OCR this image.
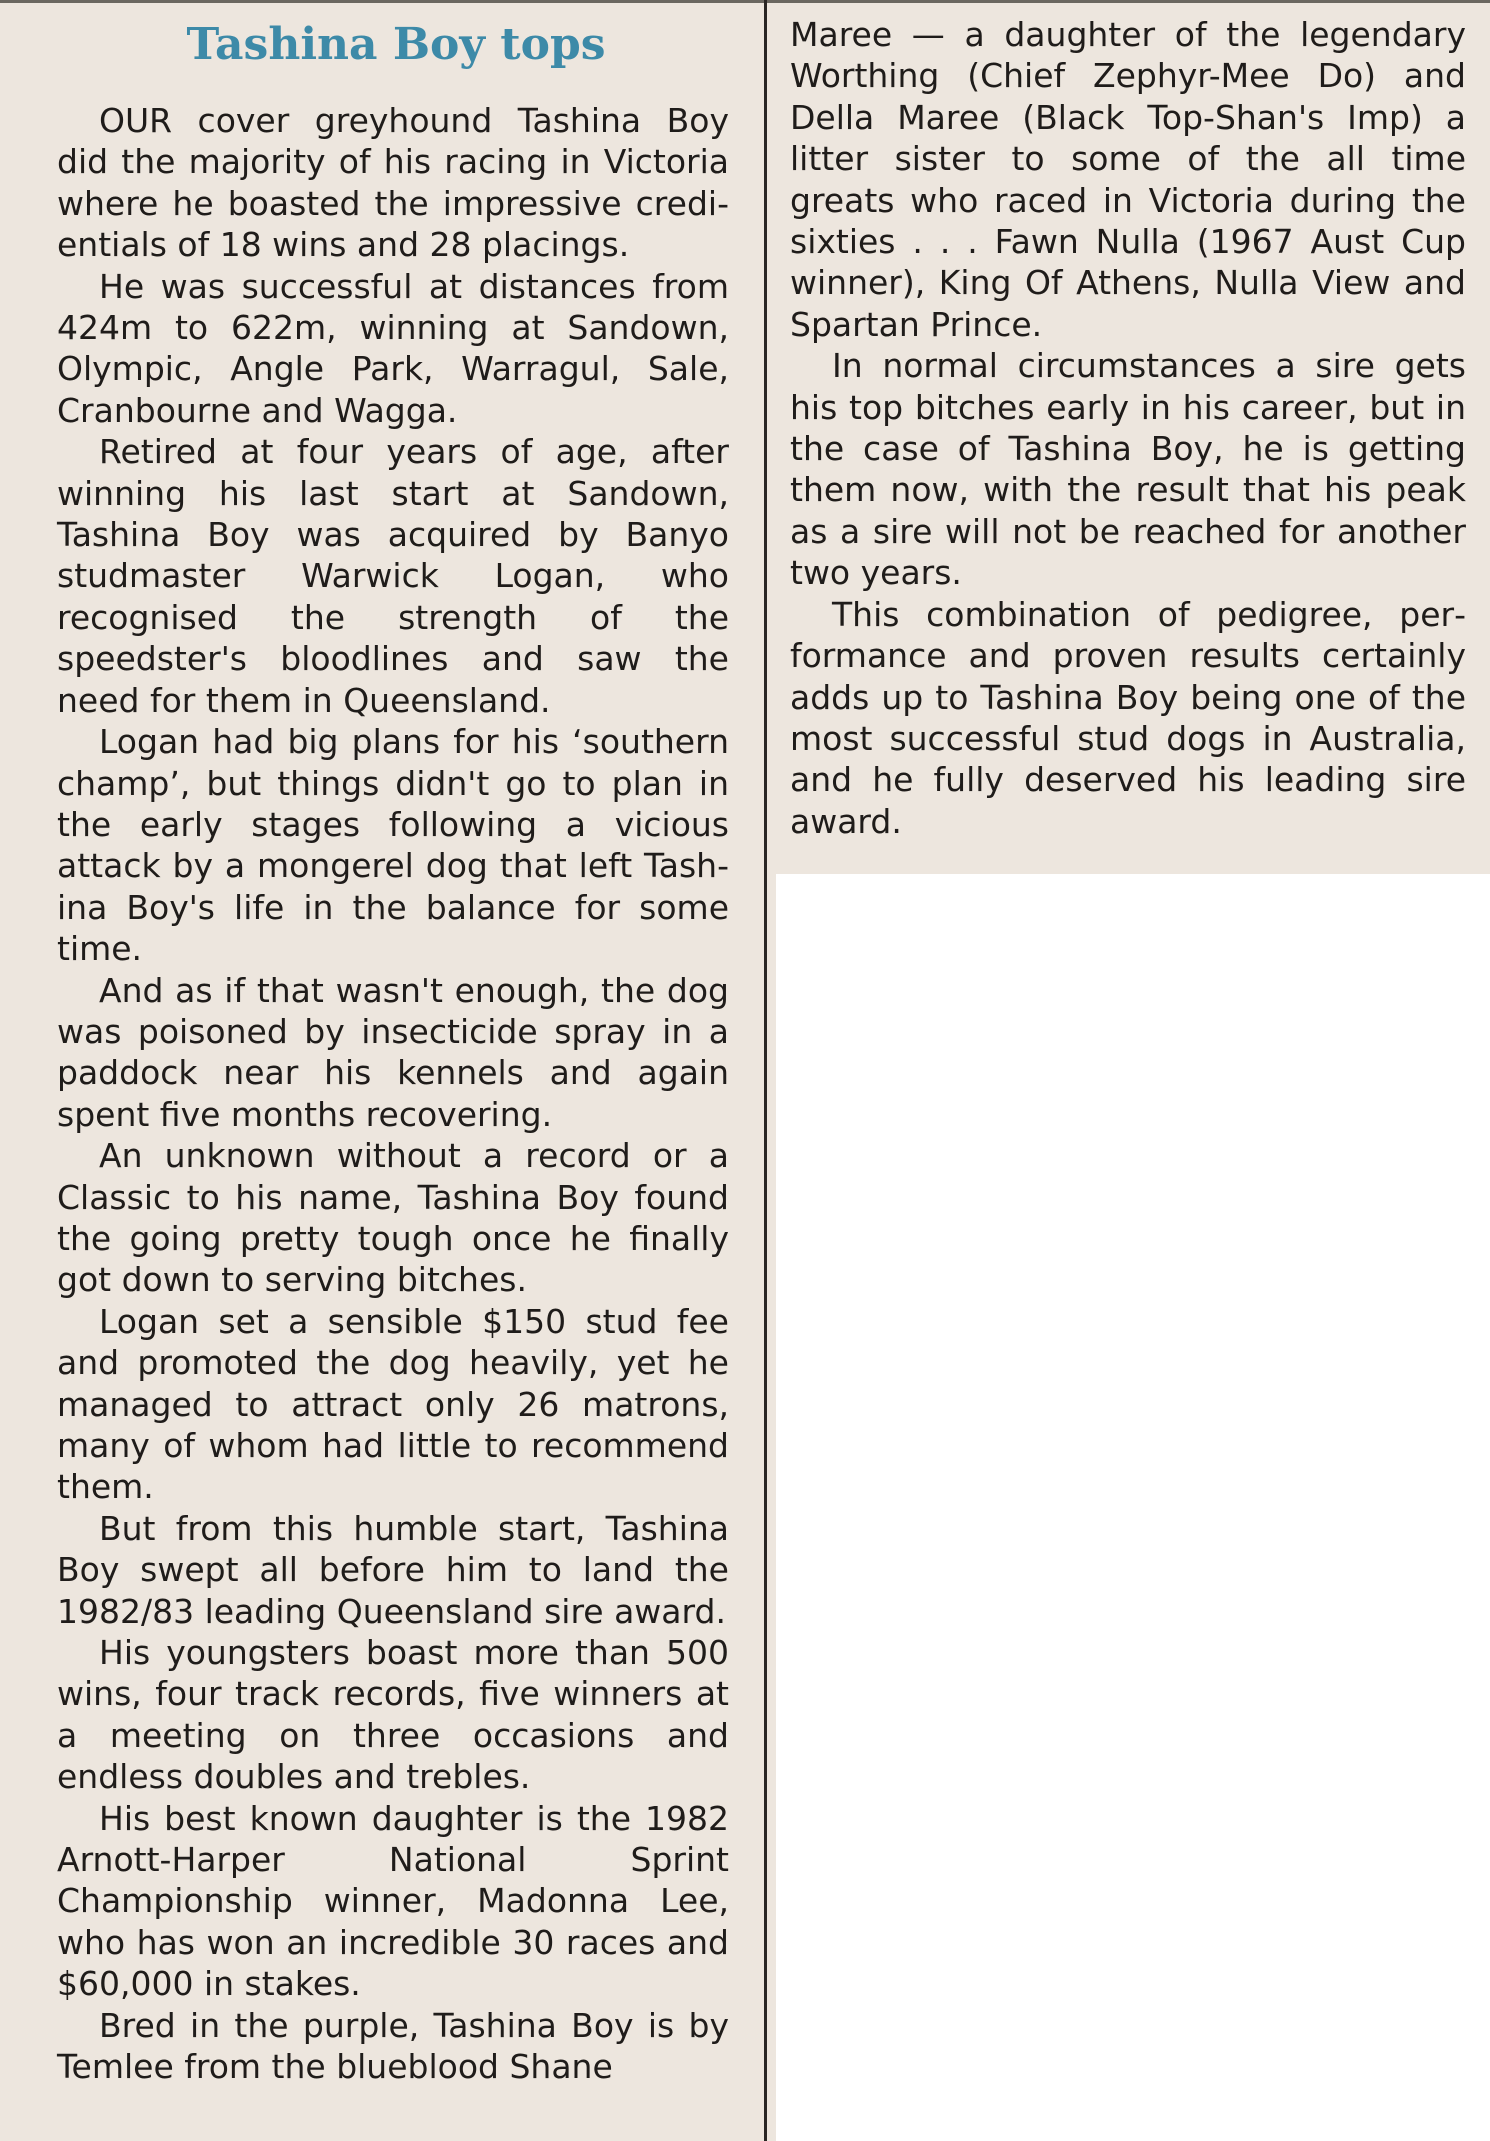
Tashina Boy tops

OUR cover greyhound Tashina Boy did the majority of his racing in Victoria where he boasted the impressive credientials of 18 wins and 28 placings.

He was successful at distances from 424m to 622m, winning at Sandown, Olympic, Angle Park, Warragul, Sale, Cranbourne and Wagga.

Retired at four years of age, after winning his last start at Sandown, Tashina Boy was acquired by Banyo studmaster Warwick Logan, who recognised the strength of the speedster's bloodlines and saw the need for them in Queensland.

Logan had big plans for his ‘southern champ’, but things didn't go to plan in the early stages following a vicious attack by a mongerel dog that left Tashina Boy's life in the balance for some time.

And as if that wasn't enough, the dog was poisoned by insecticide spray in a paddock near his kennels and again spent five months recovering.

An unknown without a record or a Classic to his name, Tashina Boy found the going pretty tough once he finally got down to serving bitches.

Logan set a sensible $150 stud fee and promoted the dog heavily, yet he managed to attract only 26 matrons, many of whom had little to recommend them.

But from this humble start, Tashina Boy swept all before him to land the 1982/83 leading Queensland sire award.

His youngsters boast more than 500 wins, four track records, five winners at a meeting on three occasions and endless doubles and trebles.

His best known daughter is the 1982 Arnott-Harper National Sprint Championship winner, Madonna Lee, who has won an incredible 30 races and $60,000 in stakes.

Bred in the purple, Tashina Boy is by Temlee from the blueblood Shane

Maree — a daughter of the legendary Worthing (Chief Zephyr-Mee Do) and Della Maree (Black Top-Shan's Imp) a litter sister to some of the all time greats who raced in Victoria during the sixties . . . Fawn Nulla (1967 Aust Cup winner), King Of Athens, Nulla View and Spartan Prince.

In normal circumstances a sire gets his top bitches early in his career, but in the case of Tashina Boy, he is getting them now, with the result that his peak as a sire will not be reached for another two years.

This combination of pedigree, performance and proven results certainly adds up to Tashina Boy being one of the most successful stud dogs in Australia, and he fully deserved his leading sire award.
